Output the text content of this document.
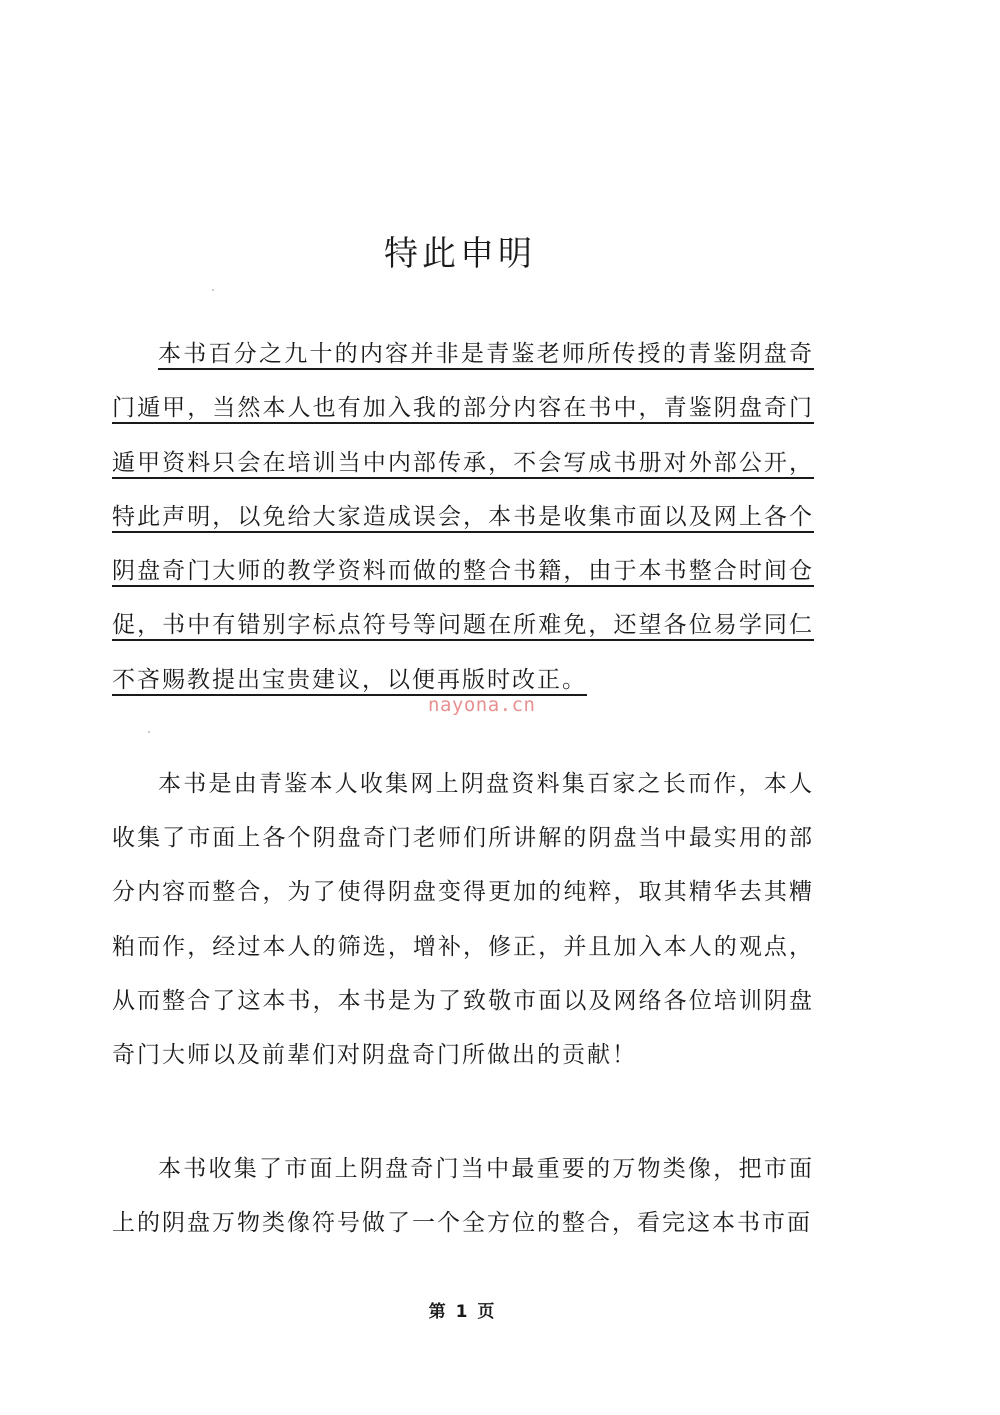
特此申明

本书百分之九十的内容并非是青鉴老师所传授的青鉴阴盘奇门遁甲，当然本人也有加入我的部分内容在书中，青鉴阴盘奇门遁甲资料只会在培训当中内部传承，不会写成书册对外部公开，特此声明，以免给大家造成误会，本书是收集市面以及网上各个阴盘奇门大师的教学资料而做的整合书籍，由于本书整合时间仓促，书中有错别字标点符号等问题在所难免，还望各位易学同仁不吝赐教提出宝贵建议，以便再版时改正。

nayona.cn

本书是由青鉴本人收集网上阴盘资料集百家之长而作，本人收集了市面上各个阴盘奇门老师们所讲解的阴盘当中最实用的部分内容而整合，为了使得阴盘变得更加的纯粹，取其精华去其糟粕而作，经过本人的筛选，增补，修正，并且加入本人的观点，从而整合了这本书，本书是为了致敬市面以及网络各位培训阴盘奇门大师以及前辈们对阴盘奇门所做出的贡献！

本书收集了市面上阴盘奇门当中最重要的万物类像，把市面上的阴盘万物类像符号做了一个全方位的整合，看完这本书市面

第 1 页
